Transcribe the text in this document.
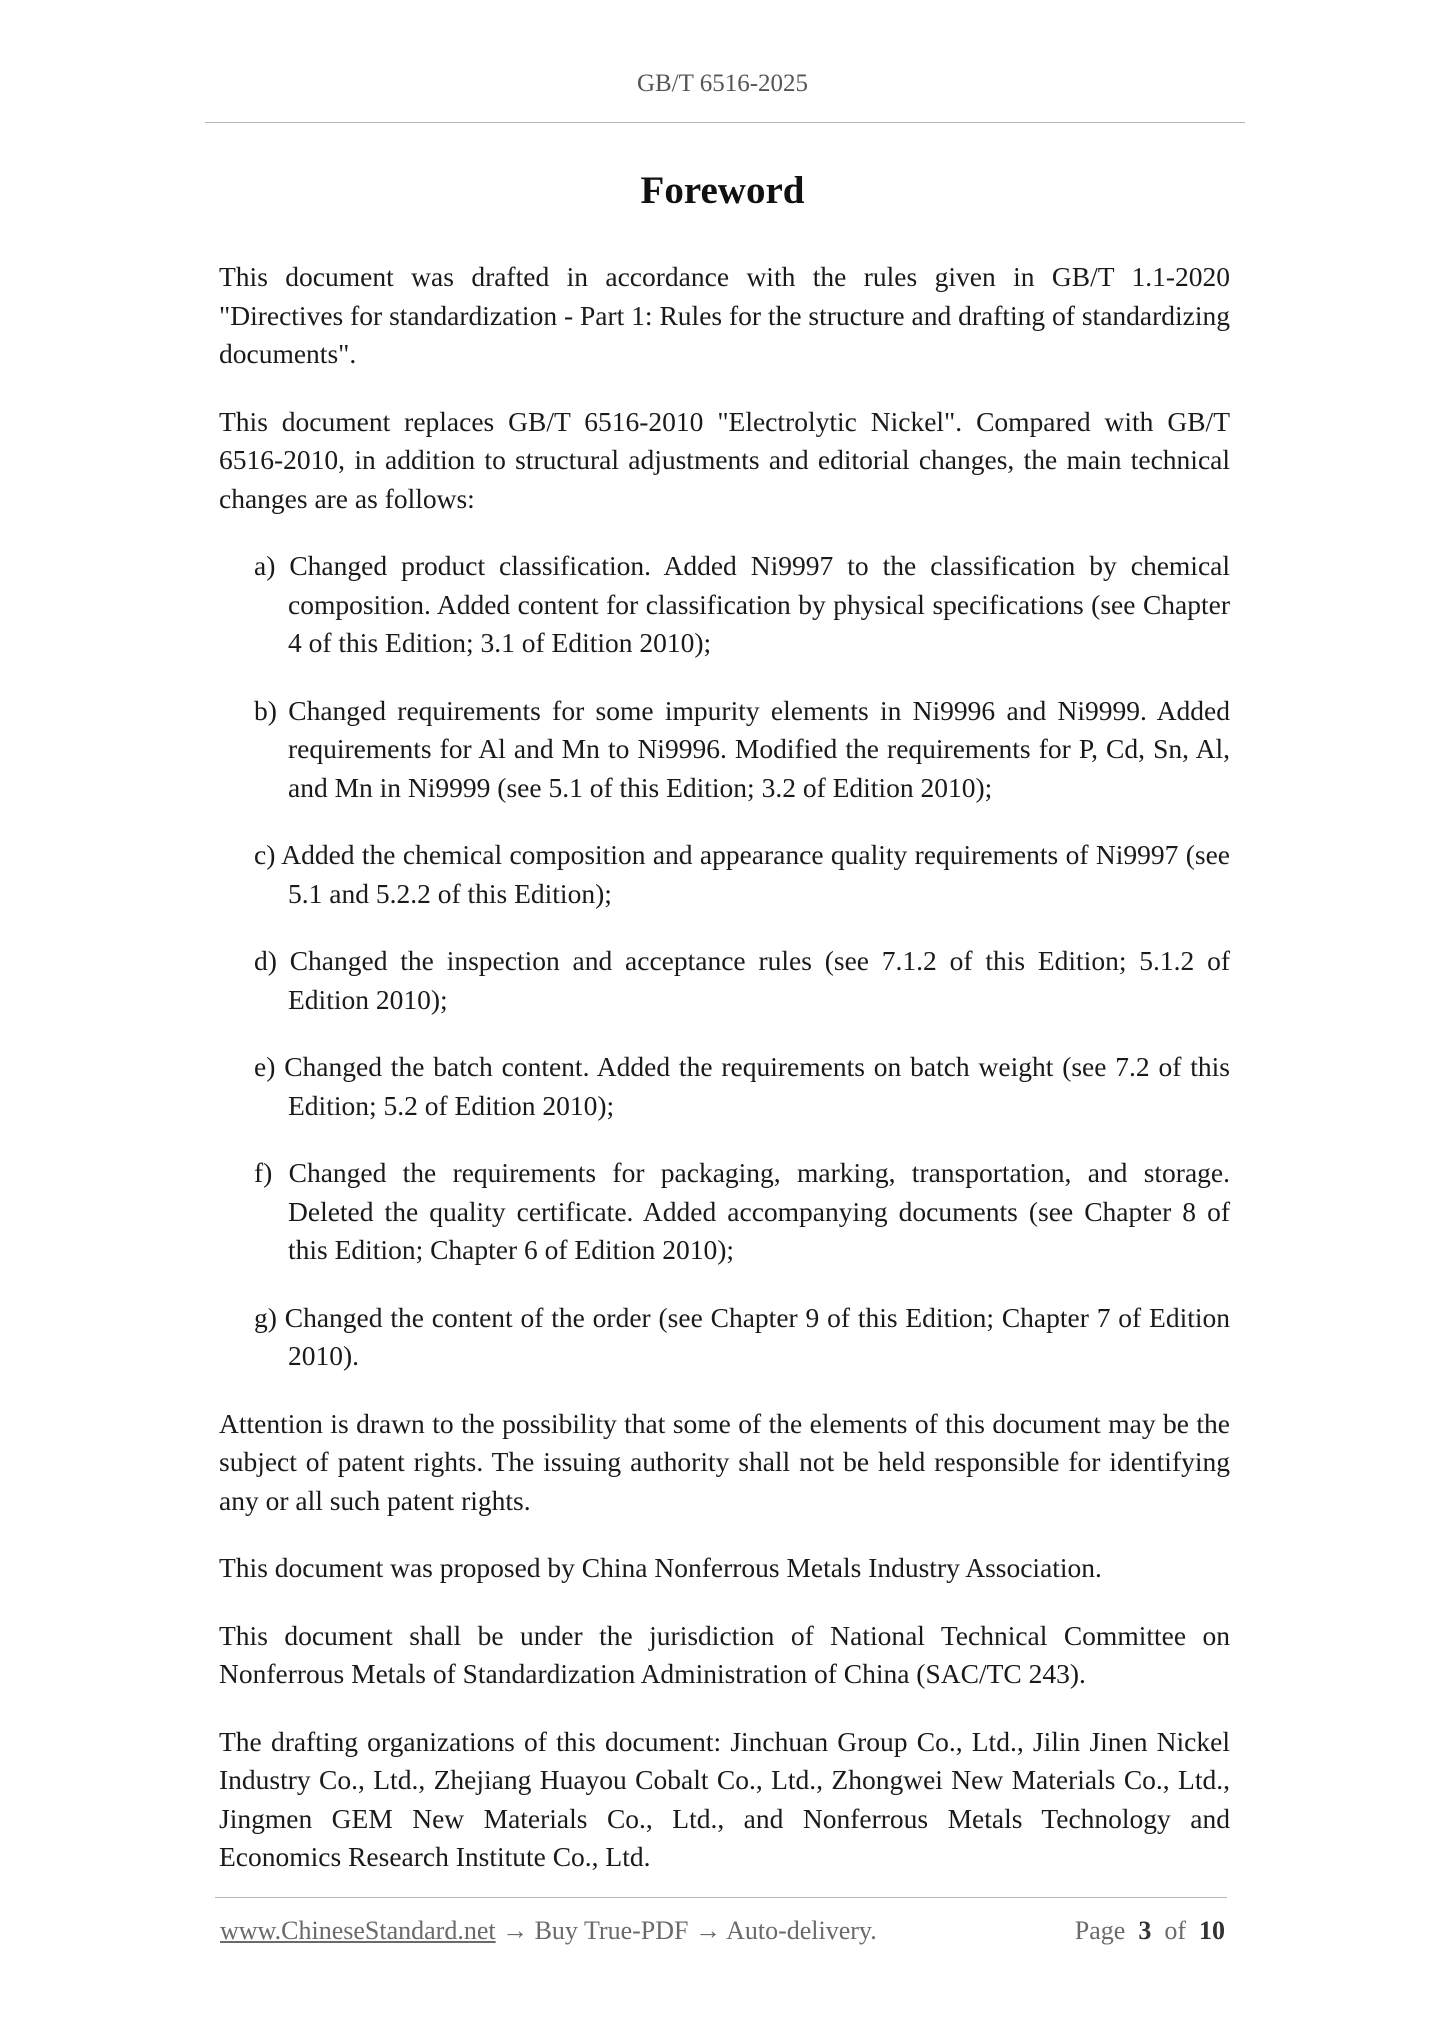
GB/T 6516-2025
Foreword

This document was drafted in accordance with the rules given in GB/T 1.1-2020 "Directives for standardization - Part 1: Rules for the structure and drafting of standardizing documents".

This document replaces GB/T 6516-2010 "Electrolytic Nickel". Compared with GB/T 6516-2010, in addition to structural adjustments and editorial changes, the main technical changes are as follows:

a) Changed product classification. Added Ni9997 to the classification by chemical composition. Added content for classification by physical specifications (see Chapter 4 of this Edition; 3.1 of Edition 2010);

b) Changed requirements for some impurity elements in Ni9996 and Ni9999. Added requirements for Al and Mn to Ni9996. Modified the requirements for P, Cd, Sn, Al, and Mn in Ni9999 (see 5.1 of this Edition; 3.2 of Edition 2010);

c) Added the chemical composition and appearance quality requirements of Ni9997 (see 5.1 and 5.2.2 of this Edition);

d) Changed the inspection and acceptance rules (see 7.1.2 of this Edition; 5.1.2 of Edition 2010);

e) Changed the batch content. Added the requirements on batch weight (see 7.2 of this Edition; 5.2 of Edition 2010);

f) Changed the requirements for packaging, marking, transportation, and storage. Deleted the quality certificate. Added accompanying documents (see Chapter 8 of this Edition; Chapter 6 of Edition 2010);

g) Changed the content of the order (see Chapter 9 of this Edition; Chapter 7 of Edition 2010).

Attention is drawn to the possibility that some of the elements of this document may be the subject of patent rights. The issuing authority shall not be held responsible for identifying any or all such patent rights.

This document was proposed by China Nonferrous Metals Industry Association.

This document shall be under the jurisdiction of National Technical Committee on Nonferrous Metals of Standardization Administration of China (SAC/TC 243).

The drafting organizations of this document: Jinchuan Group Co., Ltd., Jilin Jinen Nickel Industry Co., Ltd., Zhejiang Huayou Cobalt Co., Ltd., Zhongwei New Materials Co., Ltd., Jingmen GEM New Materials Co., Ltd., and Nonferrous Metals Technology and Economics Research Institute Co., Ltd.

www.ChineseStandard.net → Buy True-PDF → Auto-delivery.	Page 3 of 10
